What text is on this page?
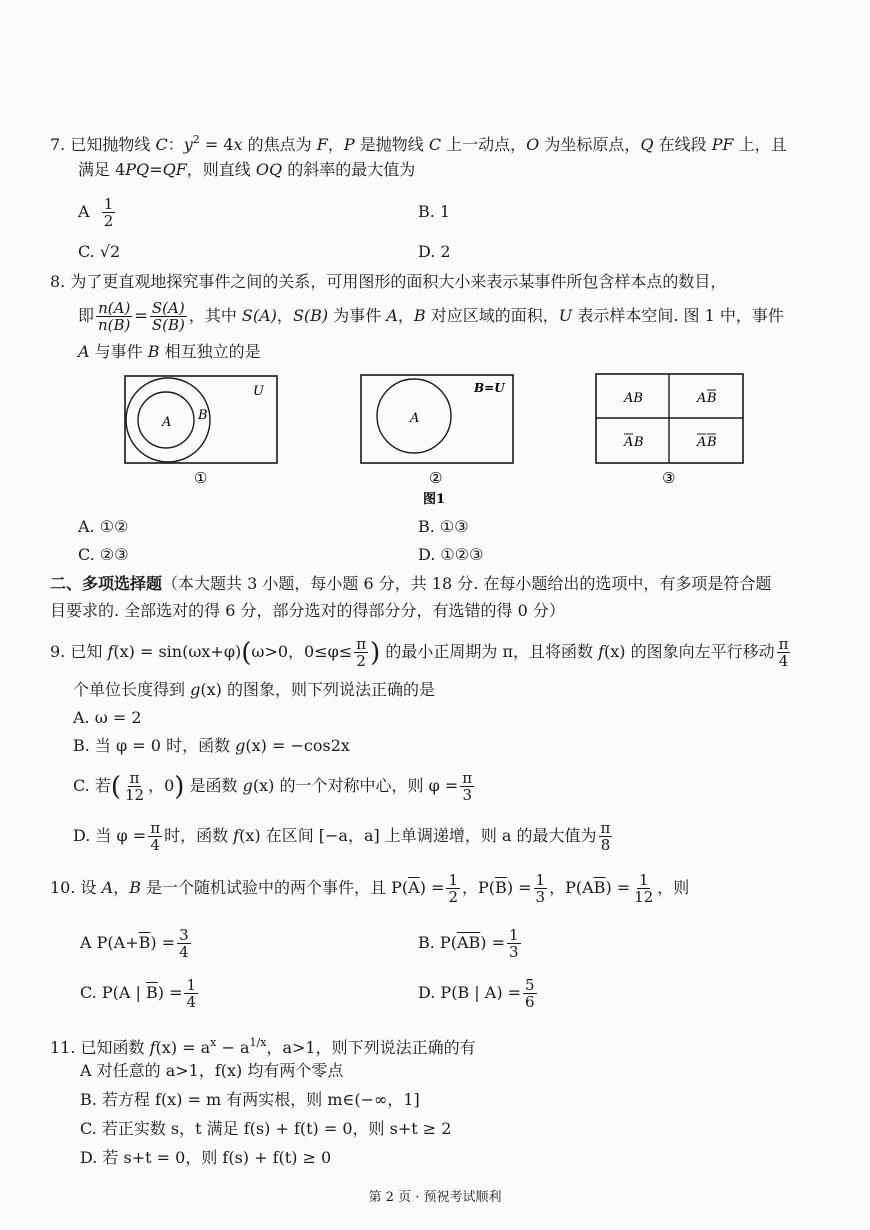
7. 已知抛物线 C：$y^2 = 4x$ 的焦点为 F，P 是抛物线 C 上一动点，O 为坐标原点，Q 在线段 PF 上，且
满足 4PQ=QF，则直线 OQ 的斜率的最大值为
A $\frac{1}{2}$	B. 1
C. √2	D. 2
8. 为了更直观地探究事件之间的关系，可用图形的面积大小来表示某事件所包含样本点的数目，
即 $\frac{n(A)}{n(B)} = \frac{S(A)}{S(B)}$ ，其中 S(A)，S(B) 为事件 A，B 对应区域的面积，U 表示样本空间. 图 1 中，事件
A 与事件 B 相互独立的是
A B
U
①
A
B=U
②
AB	A B
A B	A B
③
图1
A. ①②	B. ①③
C. ②③	D. ①②③
二、多项选择题（本大题共 3 小题，每小题 6 分，共 18 分. 在每小题给出的选项中，有多项是符合题
目要求的. 全部选对的得 6 分，部分选对的得部分分，有选错的得 0 分）
9. 已知 f(x) = sin(ωx+φ)(ω>0，$0\le\varphi\le \frac{\pi}{2}$ ) 的最小正周期为 π，且将函数 f(x) 的图象向左平行移动 $\frac{\pi}{4}$
个单位长度得到 g(x) 的图象，则下列说法正确的是
A. ω = 2
B. 当 φ = 0 时，函数 g(x) = −cos2x
C. 若( $\frac{\pi}{12}$ ，0) 是函数 g(x) 的一个对称中心，则 $\varphi = \frac{\pi}{3}$
D. 当 $\varphi = \frac{\pi}{4}$ 时，函数 f(x) 在区间 [−a，a] 上单调递增，则 a 的最大值为 $\frac{\pi}{8}$
10. 设 A，B 是一个随机试验中的两个事件，且 $P(\overline{A}) = \frac{1}{2}$ ，$P(\overline{B}) = \frac{1}{3}$ ，$P(A\overline{B}) = \frac{1}{12}$ ，则
A $P(A+\overline{B}) = \frac{3}{4}$	B. $P(\overline{A}\overline{B}) = \frac{1}{3}$
C. P(A | $\overline{B}) = \frac{1}{4}$	D. P(B | $A) = \frac{5}{6}$
11. 已知函数 $f(x) = a^x - a^{1/x}$，a>1，则下列说法正确的有
A 对任意的 a>1，f(x) 均有两个零点
B. 若方程 f(x) = m 有两实根，则 m∈(−∞，1]
C. 若正实数 s，t 满足 f(s) + f(t) = 0，则 s+t ≥ 2
D. 若 s+t = 0，则 f(s) + f(t) ≥ 0
第 2 页 · 预祝考试顺利
